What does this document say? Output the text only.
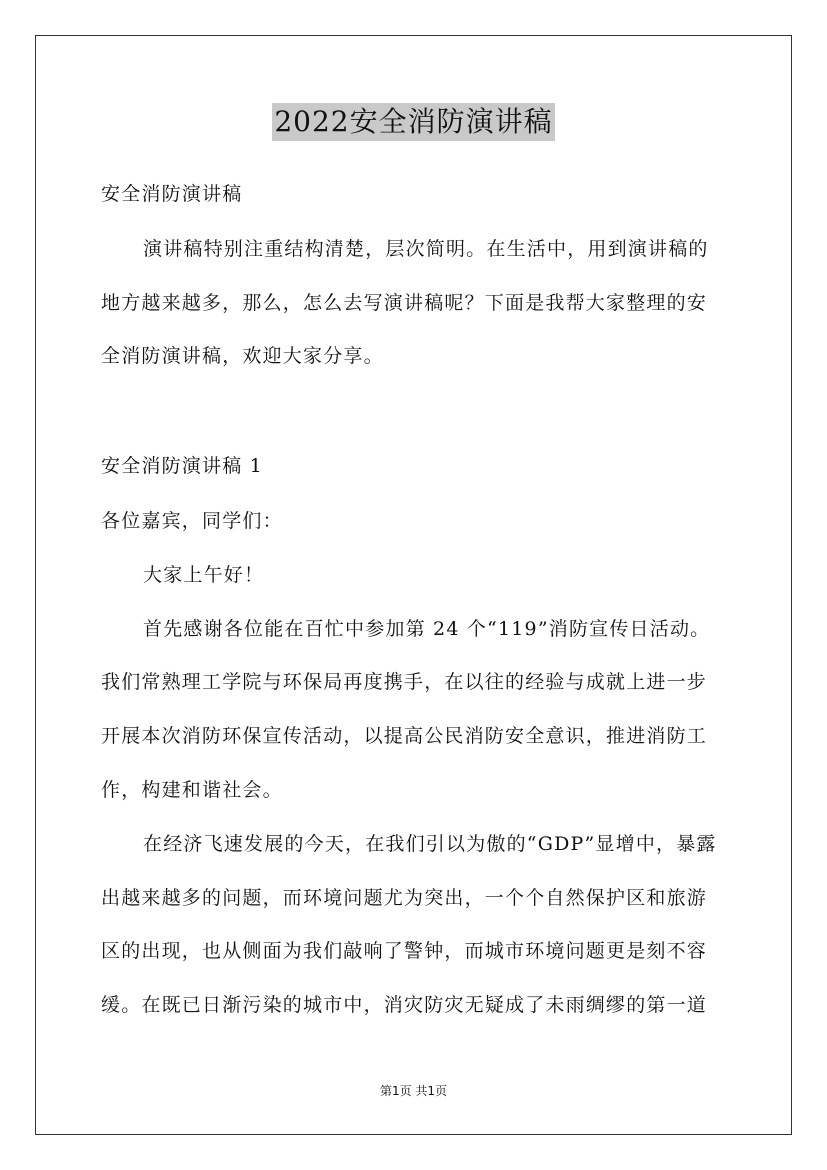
2022安全消防演讲稿
安全消防演讲稿
演讲稿特别注重结构清楚，层次简明。在生活中，用到演讲稿的
地方越来越多，那么，怎么去写演讲稿呢？下面是我帮大家整理的安
全消防演讲稿，欢迎大家分享。
安全消防演讲稿 1
各位嘉宾，同学们：
大家上午好！
首先感谢各位能在百忙中参加第 24 个“119”消防宣传日活动。
我们常熟理工学院与环保局再度携手，在以往的经验与成就上进一步
开展本次消防环保宣传活动，以提高公民消防安全意识，推进消防工
作，构建和谐社会。
在经济飞速发展的今天，在我们引以为傲的“GDP”显增中，暴露
出越来越多的问题，而环境问题尤为突出，一个个自然保护区和旅游
区的出现，也从侧面为我们敲响了警钟，而城市环境问题更是刻不容
缓。在既已日渐污染的城市中，消灾防灾无疑成了未雨绸缪的第一道
第1页 共1页
